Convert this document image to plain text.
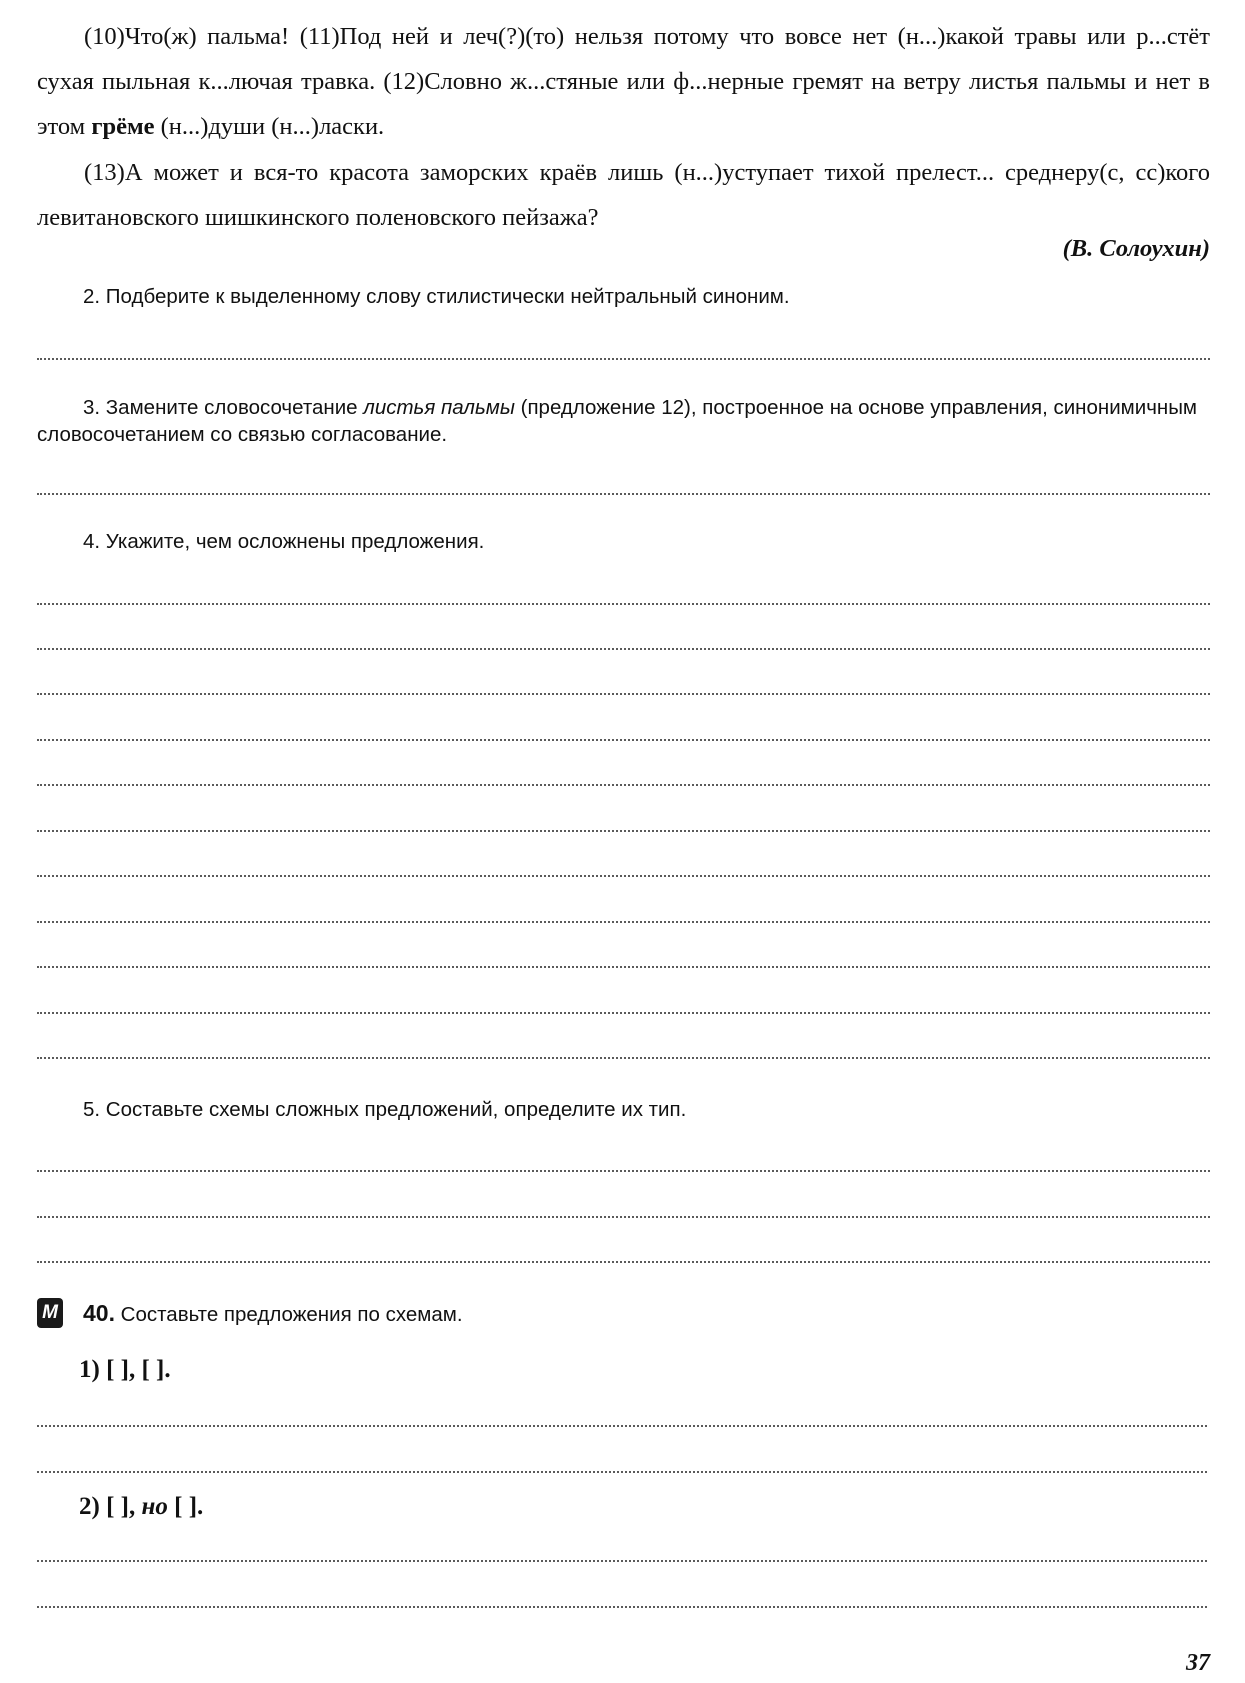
(10)Что(ж) пальма! (11)Под ней и леч(?)(то) нельзя потому что вовсе нет (н...)какой травы или р...стёт сухая пыльная к...лючая травка. (12)Словно ж...стяные или ф...нерные гремят на ветру листья пальмы и нет в этом грёме (н...)души (н...)ласки.
(13)А может и вся-то красота заморских краёв лишь (н...)уступает тихой прелест... среднеру(с, сс)кого левитановского шишкинского поленовского пейзажа?
(В. Солоухин)
2. Подберите к выделенному слову стилистически нейтральный синоним.
3. Замените словосочетание листья пальмы (предложение 12), построенное на основе управления, синонимичным словосочетанием со связью согласование.
4. Укажите, чем осложнены предложения.
5. Составьте схемы сложных предложений, определите их тип.
M 40. Составьте предложения по схемам.
1) [ ], [ ].
2) [ ], но [ ].
37
